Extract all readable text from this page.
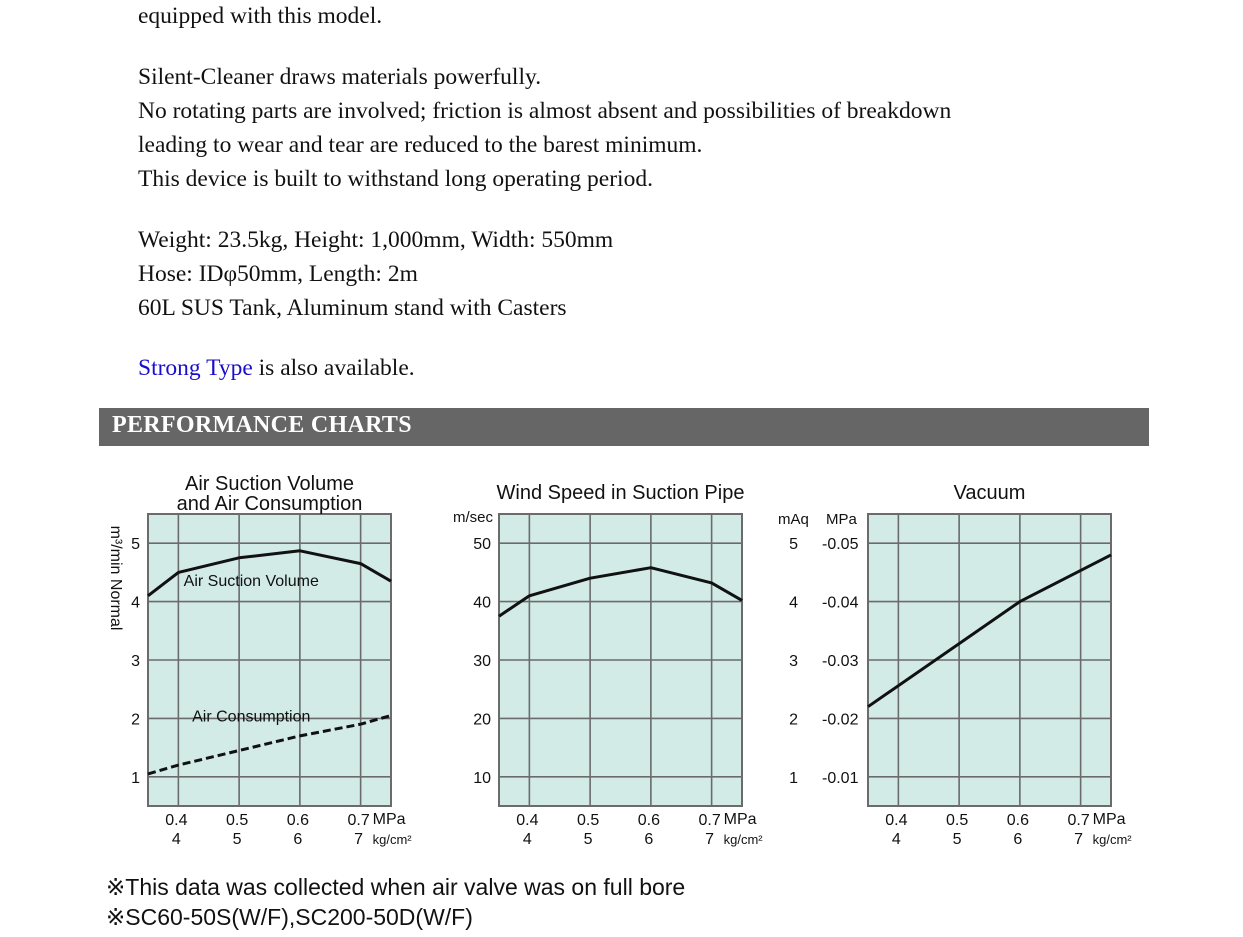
equipped with this model.

Silent-Cleaner draws materials powerfully.

No rotating parts are involved; friction is almost absent and possibilities of breakdown

leading to wear and tear are reduced to the barest minimum.

This device is built to withstand long operating period.

Weight: 23.5kg, Height: 1,000mm, Width: 550mm

Hose: IDφ50mm, Length: 2m

60L SUS Tank, Aluminum stand with Casters

Strong Type is also available.

PERFORMANCE CHARTS
Air Suction Volume
and Air Consumption
1
2
3
4
5
m³/min Normal
0.4
4
0.5
5
0.6
6
0.7
7
MPa
kg/cm²
Air Suction Volume
Air Consumption
Wind Speed in Suction Pipe
10
20
30
40
50
m/sec
0.4
4
0.5
5
0.6
6
0.7
7
MPa
kg/cm²
Vacuum
1 -0.01
2 -0.02
3 -0.03
4 -0.04
5 -0.05
mAq MPa
0.4
4
0.5
5
0.6
6
0.7
7
MPa
kg/cm²
※This data was collected when air valve was on full bore
※SC60-50S(W/F),SC200-50D(W/F)
